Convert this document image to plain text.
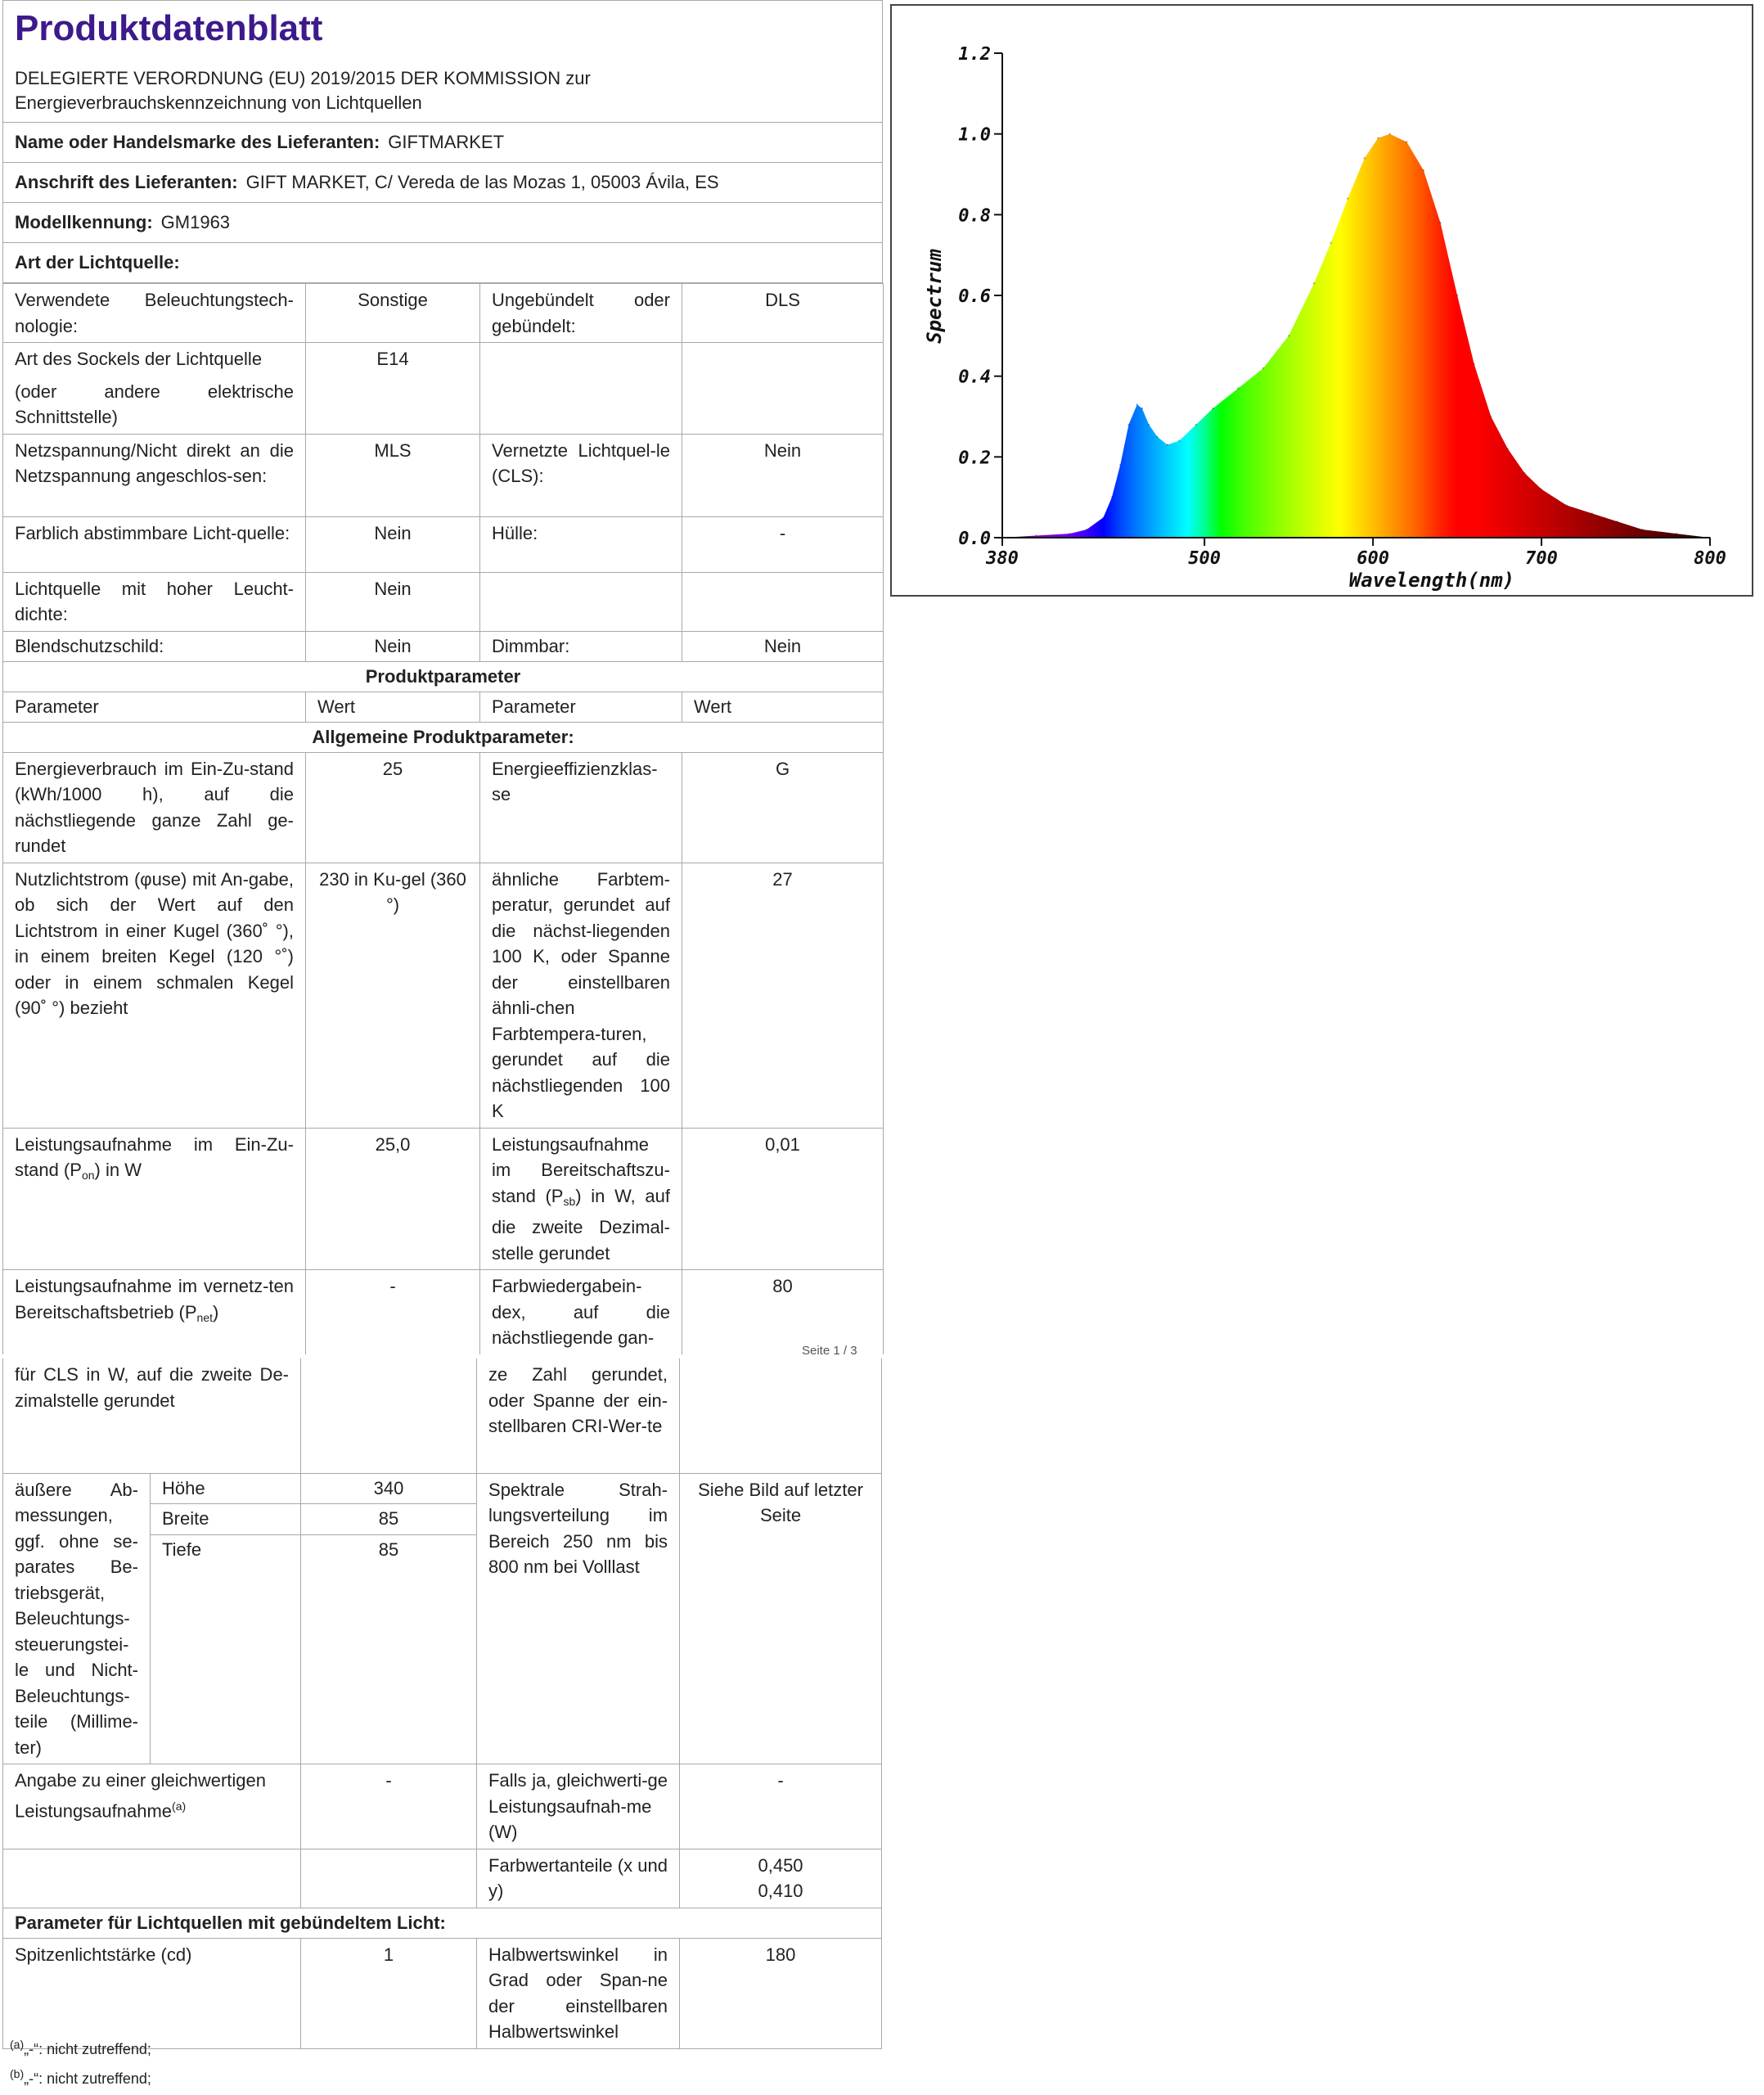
Produktdatenblatt
DELEGIERTE VERORDNUNG (EU) 2019/2015 DER KOMMISSION zur
Energieverbrauchskennzeichnung von Lichtquellen
Name oder Handelsmarke des Lieferanten: GIFTMARKET
Anschrift des Lieferanten: GIFT MARKET, C/ Vereda de las Mozas 1, 05003 Ávila, ES
Modellkennung: GM1963
Art der Lichtquelle:
Verwendete Beleuchtungstech-nologie:	Sonstige	Ungebündelt oder gebündelt:	DLS

Art des Sockels der Lichtquelle
(oder andere elektrische Schnittstelle)	E14		
Netzspannung/Nicht direkt an die Netzspannung angeschlos-sen:	MLS	Vernetzte Lichtquel-le (CLS):	Nein
Farblich abstimmbare Licht-quelle:	Nein	Hülle:	-
Lichtquelle mit hoher Leucht-dichte:	Nein		
Blendschutzschild:	Nein	Dimmbar:	Nein
Produktparameter			
Parameter	Wert	Parameter	Wert
Allgemeine Produktparameter:			
Energieverbrauch im Ein-Zu-stand (kWh/1000 h), auf die nächstliegende ganze Zahl ge-rundet	25	Energieeffizienzklas-se	G
Nutzlichtstrom (φuse) mit An-gabe, ob sich der Wert auf den Lichtstrom in einer Kugel (360˚ °), in einem breiten Kegel (120 °˚) oder in einem schmalen Kegel (90˚ °) bezieht	230 in Ku-gel (360 °)	ähnliche Farbtem-peratur, gerundet auf die nächst-liegenden 100 K, oder Spanne der einstellbaren ähnli-chen Farbtempera-turen, gerundet auf die nächstliegenden 100 K	27
Leistungsaufnahme im Ein-Zu-stand $(P_{on})$ in W	25,0	Leistungsaufnahme im Bereitschaftszu-stand $(P_{sb})$ in W, auf die zweite Dezimal-stelle gerundet	0,01
Leistungsaufnahme im vernetz-ten Bereitschaftsbetrieb $(P_{net})$	-	Farbwiedergabein-dex, auf die nächstliegende gan-	80
Seite 1 / 3
für CLS in W, auf die zweite De-zimalstelle gerundet			ze Zahl gerundet, oder Spanne der ein-stellbaren CRI-Wer-te	
äußere Ab-messungen, ggf. ohne se-parates Be-triebsgerät, Beleuchtungs-steuerungstei-le und Nicht-Beleuchtungs-teile (Millime-ter)	Höhe	340	Spektrale Strah-lungsverteilung im Bereich 250 nm bis 800 nm bei Volllast	Siehe Bild auf letzter Seite
	Breite	85		
	Tiefe	85		
Angabe zu einer gleichwertigen Leistungsaufnahme$^{(a)}$		-	Falls ja, gleichwerti-ge Leistungsaufnah-me (W)	-
			Farbwertanteile (x und y)	0,450
0,410

Parameter für Lichtquellen mit gebündeltem Licht:				
Spitzenlichtstärke (cd)		1	Halbwertswinkel in Grad oder Span-ne der einstellbaren Halbwertswinkel	180
$^{(a)}$„-“: nicht zutreffend;
$^{(b)}$„-“: nicht zutreffend;
0.0
0.2
0.4
0.6
0.8
1.0
1.2
380	500	600	700	800
Spectrum
Wavelength(nm)
